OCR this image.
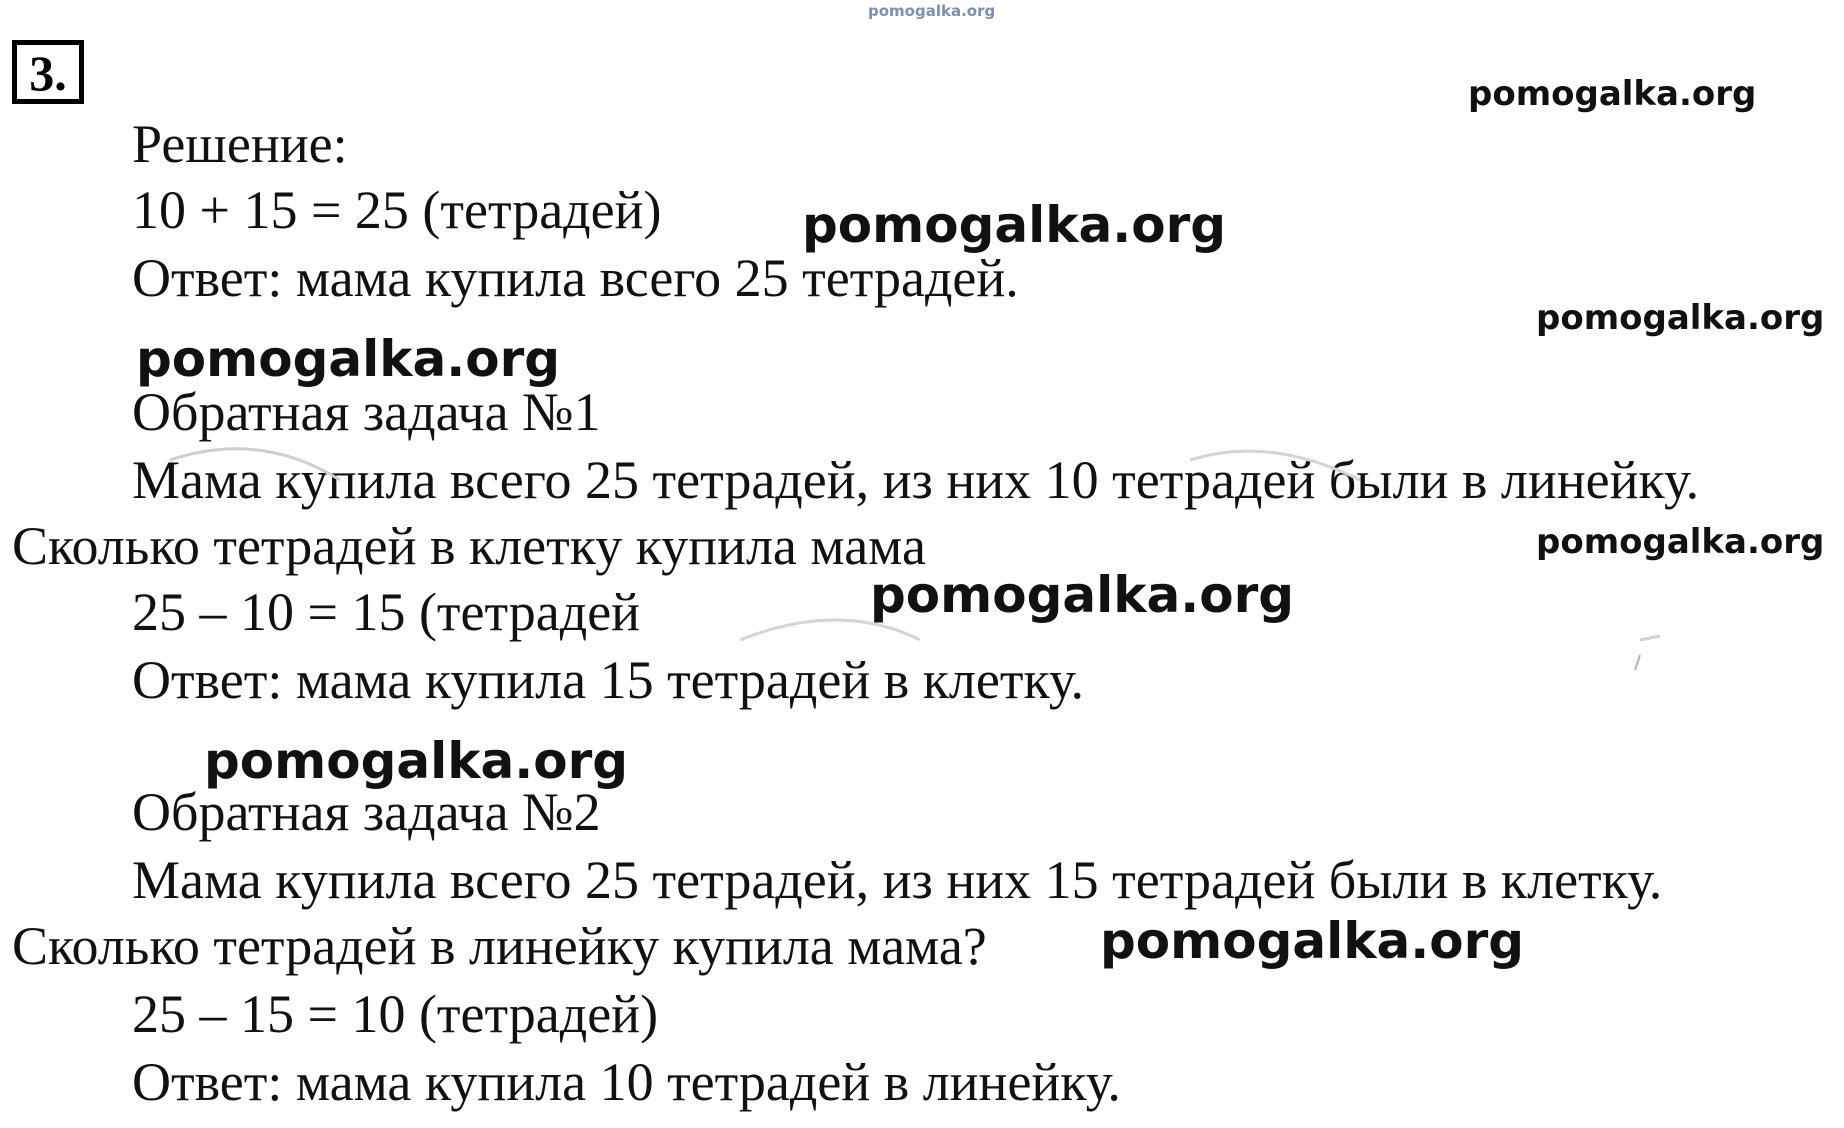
pomogalka.org
3.
Решение:
10 + 15 = 25 (тетрадей)
Ответ: мама купила всего 25 тетрадей.
Обратная задача №1
Мама купила всего 25 тетрадей, из них 10 тетрадей были в линейку.
Сколько тетрадей в клетку купила мама
25 – 10 = 15 (тетрадей
Ответ: мама купила 15 тетрадей в клетку.
Обратная задача №2
Мама купила всего 25 тетрадей, из них 15 тетрадей были в клетку.
Сколько тетрадей в линейку купила мама?
25 – 15 = 10 (тетрадей)
Ответ: мама купила 10 тетрадей в линейку.
pomogalka.org
pomogalka.org
pomogalka.org
pomogalka.org
pomogalka.org
pomogalka.org
pomogalka.org
pomogalka.org
